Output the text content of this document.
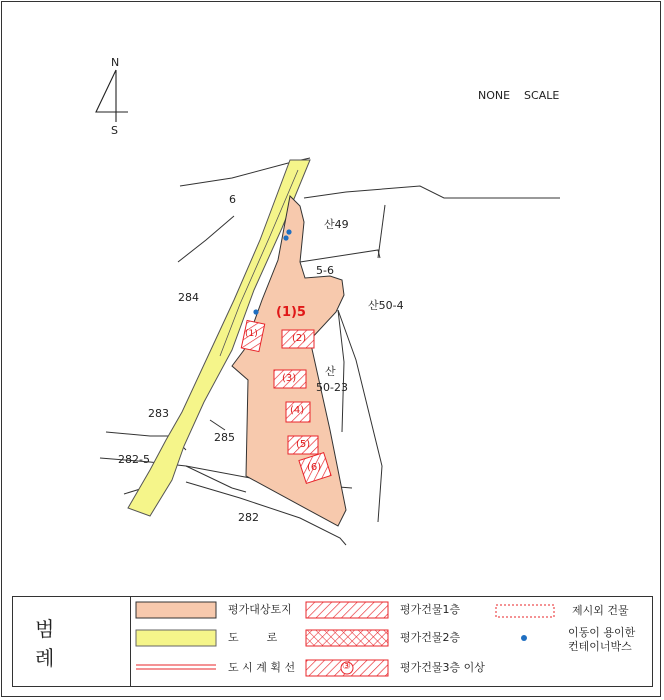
N
S
NONE    SCALE
6
산49
5-6
284
산50-4
산
50-23
283
285
282-5
282
(1)5
(1)	(2)
(3)
(4)
(5)
(6)
범 례
평가대상토지	평가건물1층	제시외 건물
도        로	평가건물2층	이동이 용이한
컨테이너박스
도 시 계 획 선	평가건물3층 이상
③
